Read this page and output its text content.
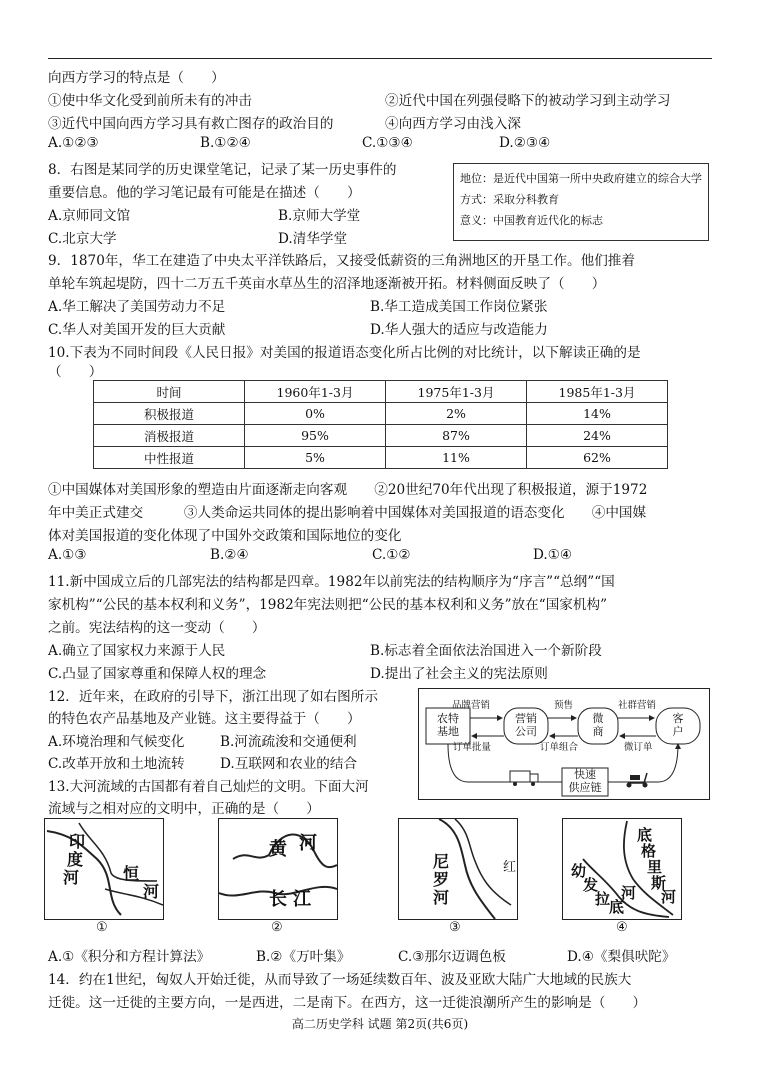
向西方学习的特点是（　　）
①使中华文化受到前所未有的冲击	②近代中国在列强侵略下的被动学习到主动学习
③近代中国向西方学习具有救亡图存的政治目的	④向西方学习由浅入深
A.①②③	B.①②④	C.①③④	D.②③④
8．右图是某同学的历史课堂笔记，记录了某一历史事件的
重要信息。他的学习笔记最有可能是在描述（　　）
A.京师同文馆	B.京师大学堂
C.北京大学	D.清华学堂
地位：是近代中国第一所中央政府建立的综合大学
方式：采取分科教育
意义：中国教育近代化的标志
9．1870年，华工在建造了中央太平洋铁路后，又接受低薪资的三角洲地区的开垦工作。他们推着
单轮车筑起堤防，四十二万五千英亩水草丛生的沼泽地逐渐被开拓。材料侧面反映了（　　）
A.华工解决了美国劳动力不足	B.华工造成美国工作岗位紧张
C.华人对美国开发的巨大贡献	D.华人强大的适应与改造能力
10.下表为不同时间段《人民日报》对美国的报道语态变化所占比例的对比统计，以下解读正确的是
（　　）
时间	1960年1-3月	1975年1-3月	1985年1-3月
积极报道	0%	2%	14%
消极报道	95%	87%	24%
中性报道	5%	11%	62%
①中国媒体对美国形象的塑造由片面逐渐走向客观　　②20世纪70年代出现了积极报道，源于1972
年中美正式建交　　　③人类命运共同体的提出影响着中国媒体对美国报道的语态变化　　④中国媒
体对美国报道的变化体现了中国外交政策和国际地位的变化
A.①③	B.②④	C.①②	D.①④
11.新中国成立后的几部宪法的结构都是四章。1982年以前宪法的结构顺序为“序言”“总纲”“国
家机构”“公民的基本权利和义务”，1982年宪法则把“公民的基本权利和义务”放在“国家机构”
之前。宪法结构的这一变动（　　）
A.确立了国家权力来源于人民	B.标志着全面依法治国进入一个新阶段
C.凸显了国家尊重和保障人权的理念	D.提出了社会主义的宪法原则
12．近年来，在政府的引导下，浙江出现了如右图所示
的特色农产品基地及产业链。这主要得益于（　　）
A.环境治理和气候变化	B.河流疏浚和交通便利
C.改革开放和土地流转	D.互联网和农业的结合
农特
基地
营销
公司
微
商
客
户
快速
供应链
品牌营销	预售	社群营销
订单批量	订单组合	微订单
13.大河流域的古国都有着自己灿烂的文明。下面大河
流域与之相对应的文明中，正确的是（　　）
印
度
河	恒
河
①
黄 河
长 江
②
尼
罗
河
红
③
底
格
里
斯
河
幼
发
拉
底
河
④
A.①《积分和方程计算法》	B.②《万叶集》	C.③那尔迈调色板	D.④《梨俱吠陀》
14．约在1世纪，匈奴人开始迁徙，从而导致了一场延续数百年、波及亚欧大陆广大地域的民族大
迁徙。这一迁徙的主要方向，一是西进，二是南下。在西方，这一迁徙浪潮所产生的影响是（　　）
高二历史学科 试题 第2页(共6页)
